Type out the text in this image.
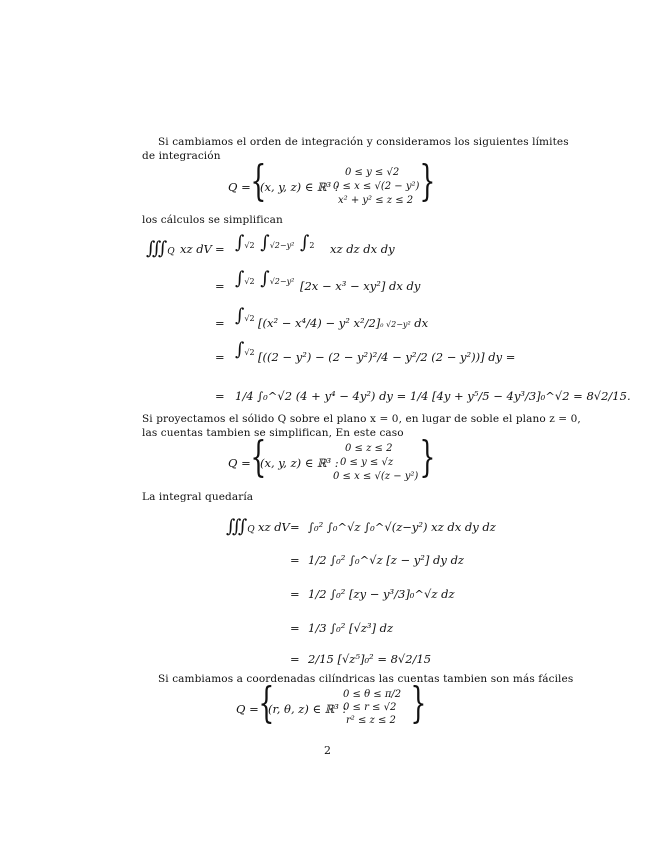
Si cambiamos el orden de integración y consideramos los siguientes límites
de integración
Q = {
(x, y, z) ∈ ℝ³ :
0 ≤ y ≤ √2
0 ≤ x ≤ √(2 − y²)
x² + y² ≤ z ≤ 2 }
los cálculos se simplifican
∭Q xz dV = ∫√2 ∫√2−y² ∫2 xz dz dx dy
= ∫√2 ∫√2−y² [2x − x³ − xy²] dx dy
= ∫√2 [(x² − x⁴/4) − y² x²/2]₀ √2−y² dx
= ∫√2 [((2 − y²) − (2 − y²)²/4 − y²/2 (2 − y²))] dy =
= 1/4 ∫₀^√2 (4 + y⁴ − 4y²) dy = 1/4 [4y + y⁵/5 − 4y³/3]₀^√2 = 8√2/15.
Si proyectamos el sólido Q sobre el plano x = 0, en lugar de soble el plano z = 0,
las cuentas tambien se simplifican, En este caso
Q = {
(x, y, z) ∈ ℝ³ :
0 ≤ z ≤ 2
0 ≤ y ≤ √z
0 ≤ x ≤ √(z − y²) }
La integral quedaría
∭Q xz dV = ∫₀² ∫₀^√z ∫₀^√(z−y²) xz dx dy dz
= 1/2 ∫₀² ∫₀^√z [z − y²] dy dz
= 1/2 ∫₀² [zy − y³/3]₀^√z dz
= 1/3 ∫₀² [√z³] dz
= 2/15 [√z⁵]₀² = 8√2/15
Si cambiamos a coordenadas cilíndricas las cuentas tambien son más fáciles
Q = {
(r, θ, z) ∈ ℝ³ :
0 ≤ θ ≤ π/2
0 ≤ r ≤ √2
r² ≤ z ≤ 2 }
2
